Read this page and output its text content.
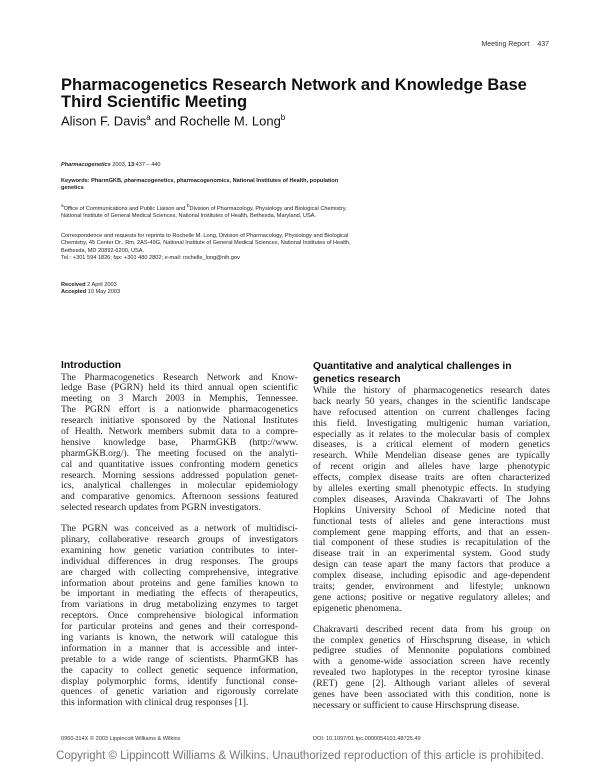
Meeting Report 437
Pharmacogenetics Research Network and Knowledge Base
Third Scientific Meeting
Alison F. Davis$^a$ and Rochelle M. Long$^b$
Pharmacogenetics 2003, 13:437 – 440
Keywords: PharmGKB, pharmacogenetics, pharmacogenomics, National Institutes of Health, population genetics
$^a$Office of Communications and Public Liaison and $^b$Division of Pharmacology, Physiology and Biological Chemistry, National Institute of General Medical Sciences, National Institutes of Health, Bethesda, Maryland, USA.
Correspondence and requests for reprints to Rochelle M. Long, Division of Pharmacology, Physiology and Biological Chemistry, 45 Center Dr., Rm. 2AS-49G, National Institute of General Medical Sciences, National Institutes of Health, Bethesda, MD 20892-6200, USA.
Tel.: +301 594 1826; fax: +301 480 2802; e-mail: rochelle_long@nih.gov
Received 2 April 2003
Accepted 10 May 2003
Introduction
The Pharmacogenetics Research Network and Know-
ledge Base (PGRN) held its third annual open scientific
meeting on 3 March 2003 in Memphis, Tennessee.
The PGRN effort is a nationwide pharmacogenetics
research initiative sponsored by the National Institutes
of Health. Network members submit data to a compre-
hensive knowledge base, PharmGKB (http://www.
pharmGKB.org/). The meeting focused on the analyti-
cal and quantitative issues confronting modern genetics
research. Morning sessions addressed population genet-
ics, analytical challenges in molecular epidemiology
and comparative genomics. Afternoon sessions featured
selected research updates from PGRN investigators.
The PGRN was conceived as a network of multidisci-
plinary, collaborative research groups of investigators
examining how genetic variation contributes to inter-
individual differences in drug responses. The groups
are charged with collecting comprehensive, integrative
information about proteins and gene families known to
be important in mediating the effects of therapeutics,
from variations in drug metabolizing enzymes to target
receptors. Once comprehensive biological information
for particular proteins and genes and their correspond-
ing variants is known, the network will catalogue this
information in a manner that is accessible and inter-
pretable to a wide range of scientists. PharmGKB has
the capacity to collect genetic sequence information,
display polymorphic forms, identify functional conse-
quences of genetic variation and rigorously correlate
this information with clinical drug responses [1].
Quantitative and analytical challenges in
genetics research
While the history of pharmacogenetics research dates
back nearly 50 years, changes in the scientific landscape
have refocused attention on current challenges facing
this field. Investigating multigenic human variation,
especially as it relates to the molecular basis of complex
diseases, is a critical element of modern genetics
research. While Mendelian disease genes are typically
of recent origin and alleles have large phenotypic
effects, complex disease traits are often characterized
by alleles exerting small phenotypic effects. In studying
complex diseases, Aravinda Chakravarti of The Johns
Hopkins University School of Medicine noted that
functional tests of alleles and gene interactions must
complement gene mapping efforts, and that an essen-
tial component of these studies is recapitulation of the
disease trait in an experimental system. Good study
design can tease apart the many factors that produce a
complex disease, including episodic and age-dependent
traits; gender, environment and lifestyle; unknown
gene actions; positive or negative regulatory alleles; and
epigenetic phenomena.
Chakravarti described recent data from his group on
the complex genetics of Hirschsprung disease, in which
pedigree studies of Mennonite populations combined
with a genome-wide association screen have recently
revealed two haplotypes in the receptor tyrosine kinase
(RET) gene [2]. Although variant alleles of several
genes have been associated with this condition, none is
necessary or sufficient to cause Hirschsprung disease.
0960-314X © 2003 Lippincott Williams & Wilkins	DOI: 10.1097/01.fpc.0000054101.48725.49
Copyright © Lippincott Williams & Wilkins. Unauthorized reproduction of this article is prohibited.
